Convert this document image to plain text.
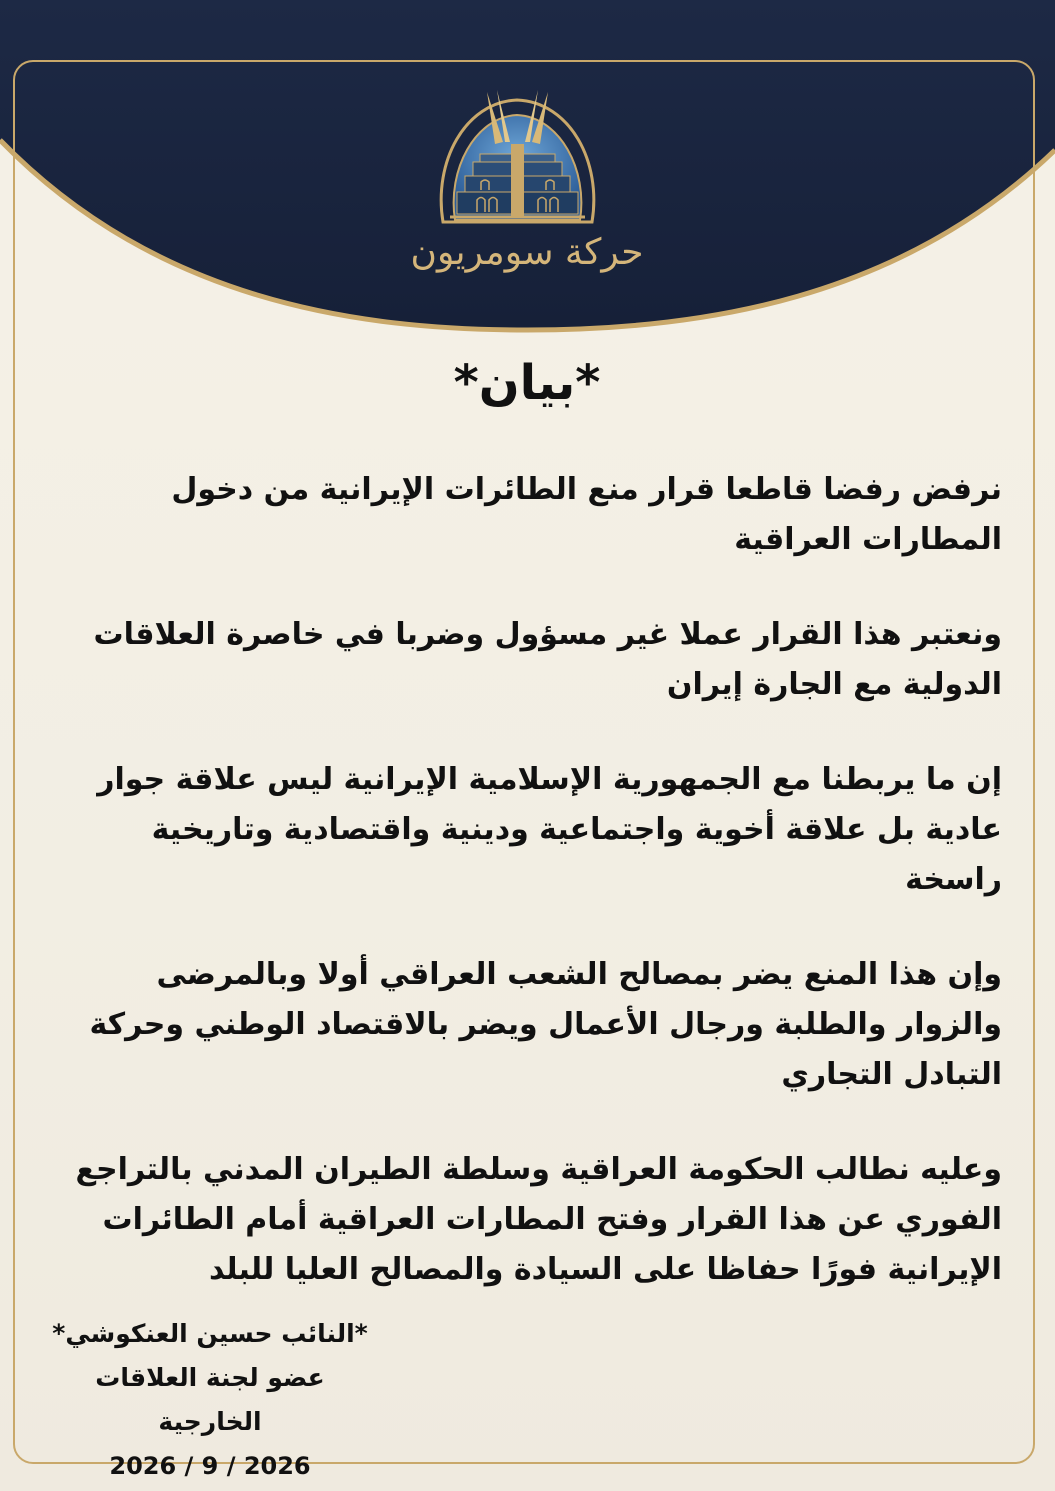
حركة سومريون
*بيان*

نرفض رفضا قاطعا قرار منع الطائرات الإيرانية من دخول المطارات العراقية

ونعتبر هذا القرار عملا غير مسؤول وضربا في خاصرة العلاقات الدولية مع الجارة إيران

إن ما يربطنا مع الجمهورية الإسلامية الإيرانية ليس علاقة جوار عادية بل علاقة أخوية واجتماعية ودينية واقتصادية وتاريخية راسخة

وإن هذا المنع يضر بمصالح الشعب العراقي أولا وبالمرضى والزوار والطلبة ورجال الأعمال ويضر بالاقتصاد الوطني وحركة التبادل التجاري

وعليه نطالب الحكومة العراقية وسلطة الطيران المدني بالتراجع الفوري عن هذا القرار وفتح المطارات العراقية أمام الطائرات الإيرانية فورًا حفاظا على السيادة والمصالح العليا للبلد

*النائب حسين العنكوشي*
عضو لجنة العلاقات الخارجية
2026 / 9 / 2026
